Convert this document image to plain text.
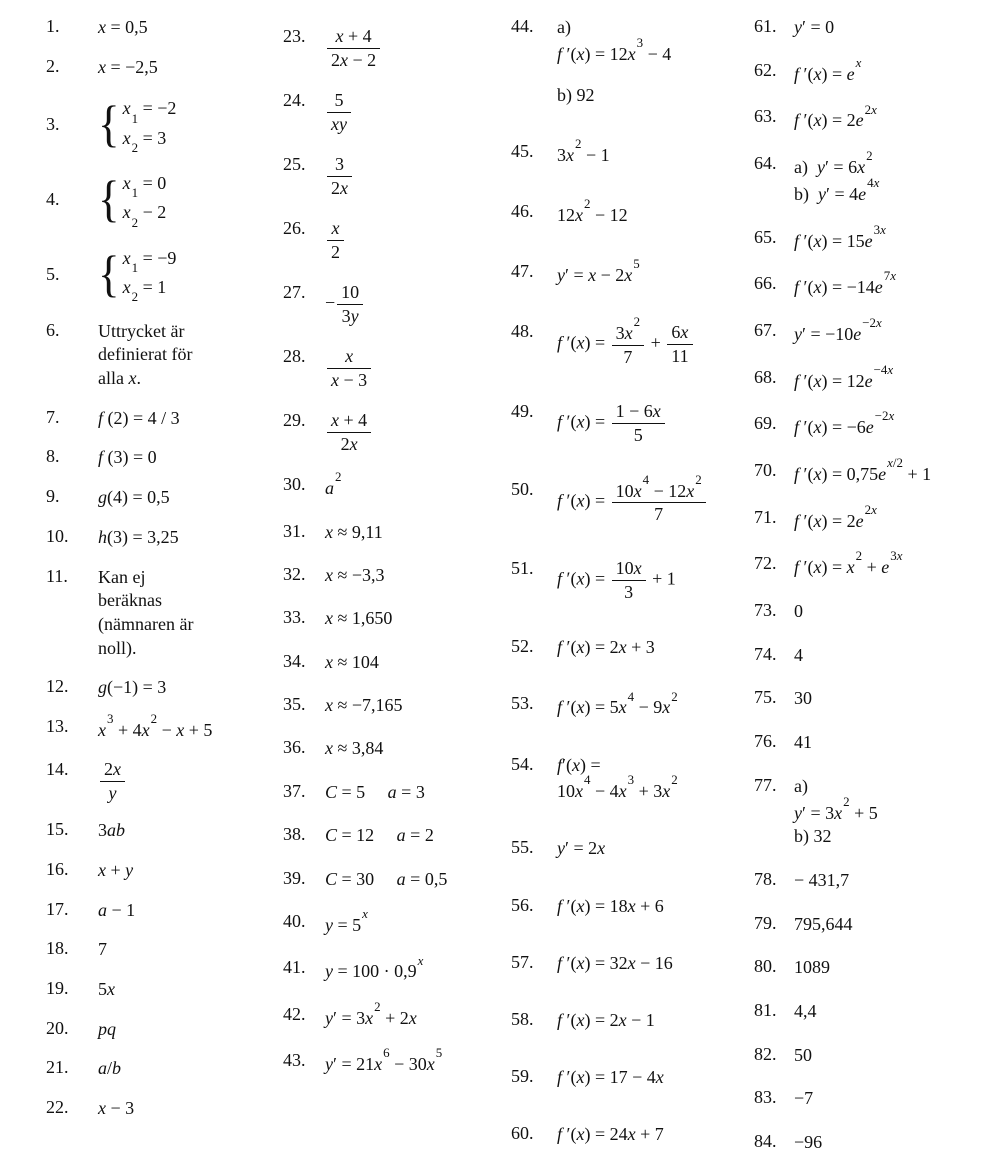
1.	x = 0,5
2.	x = −2,5
3. { $x_1 = -2$
$x_2 = 3$
4. { $x_1 = 0$
$x_2 - 2$
5. { $x_1 = -9$
$x_2 = 1$
6.	Uttrycket är
definierat för
alla x.
7.	f (2) = 4 / 3
8.	f (3) = 0
9.	g(4) = 0,5
10.	h(3) = 3,25
11.	Kan ej
beräknas
(nämnaren är
noll).
12.	g(−1) = 3
13.	$x^3 + 4x^2 - x + 5$
14.	$\frac{2x}{y}$
15.	3ab
16.	x + y
17.	a − 1
18.	7
19.	5x
20.	pq
21.	a/b
22.	x − 3
23.	$\frac{x + 4}{2x - 2}$
24.	$\frac{5}{xy}$
25.	$\frac{3}{2x}$
26.	$\frac{x}{2}$
27.
− $\frac{10}{3y}$
28.	$\frac{x}{x - 3}$
29.	$\frac{x + 4}{2x}$
30.	$a^2$
31.	x ≈ 9,11
32.	x ≈ −3,3
33.	x ≈ 1,650
34.	x ≈ 104
35.	x ≈ −7,165
36.	x ≈ 3,84
37.	C = 5     a = 3
38.	C = 12     a = 2
39.	C = 30     a = 0,5
40.	$y = 5^x$
41.	$y = 100 \cdot 0,9^x$
42.	$y' = 3x^2 + 2x$
43.	$y' = 21x^6 - 30x^5$
44.	a)
f $'(x) = 12x^3 - 4$
b) 92
45.	$3x^2 - 1$
46.	$12x^2 - 12$
47.	$y' = x - 2x^5$
48.
f $'(x) = \frac{3x^2}{7} + \frac{6x}{11}$
49.
f $'(x) = \frac{1 - 6x}{5}$
50.
f $'(x) = \frac{10x^4 - 12x^2}{7}$
51.
f $'(x) = \frac{10x}{3} + 1$
52.	f ′(x) = 2x + 3
53.	f $'(x) = 5x^4 - 9x^2$
54.	f′(x) =
$10x^4 - 4x^3 + 3x^2$
55.	y′ = 2x
56.	f ′(x) = 18x + 6
57.	f ′(x) = 32x − 16
58.	f ′(x) = 2x − 1
59.	f ′(x) = 17 − 4x
60.	f ′(x) = 24x + 7
61. y′ = 0
62. f $'(x) = e^x$
63. f $'(x) = 2e^{2x}$
64. a)  $y' = 6x^2$
b)  $y' = 4e^{4x}$
65. f $'(x) = 15e^{3x}$
66. f $'(x) = -14e^{7x}$
67. $y' = -10e^{-2x}$
68. f $'(x) = 12e^{-4x}$
69. f $'(x) = -6e^{-2x}$
70. f $'(x) = 0,75e^{x/2} + 1$
71. f $'(x) = 2e^{2x}$
72. f $'(x) = x^2 + e^{3x}$
73. 0
74. 4
75. 30
76. 41
77. a)
$y' = 3x^2 + 5$
b) 32
78. − 431,7
79. 795,644
80. 1089
81. 4,4
82. 50
83. −7
84. −96
